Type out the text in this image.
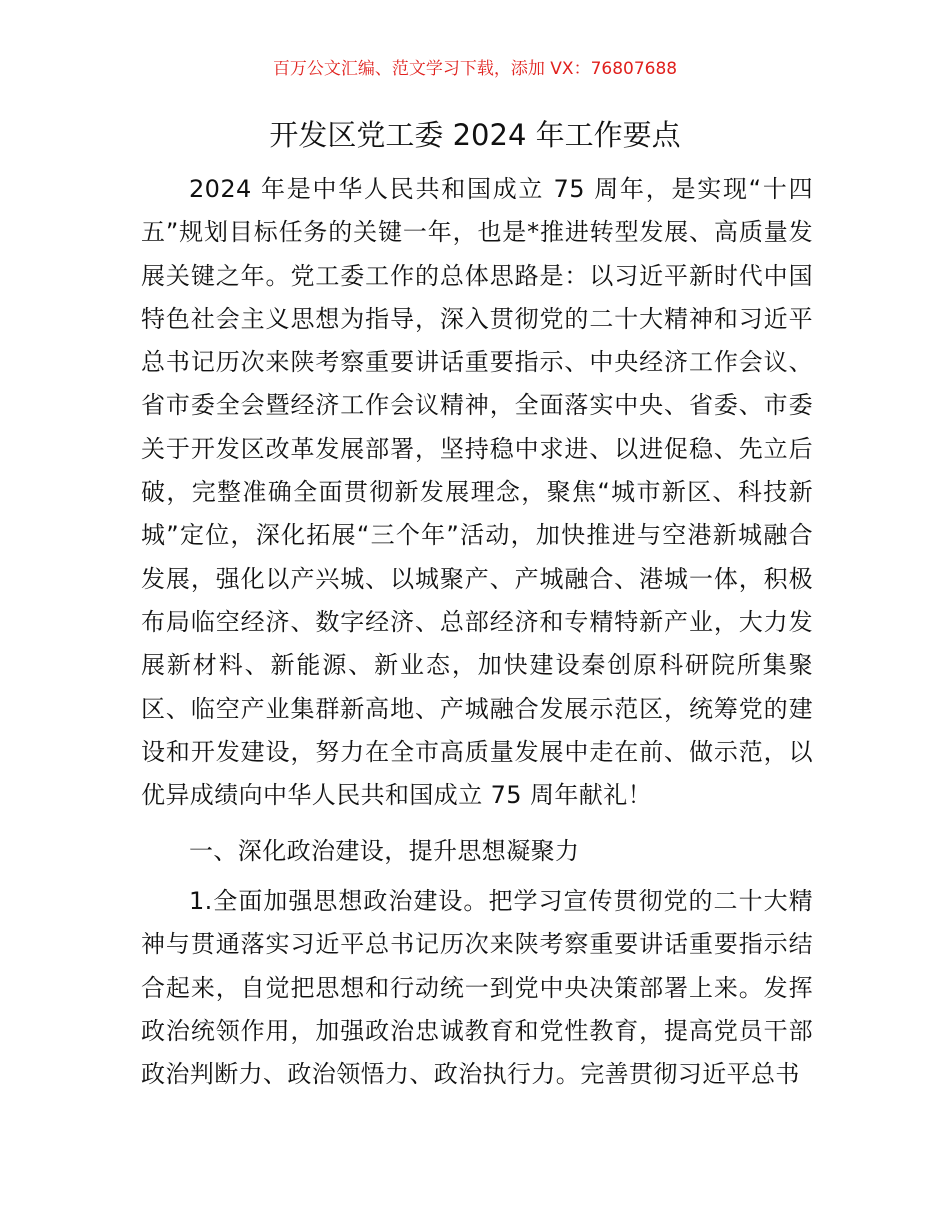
百万公文汇编、范文学习下载，添加 VX：76807688
开发区党工委 2024 年工作要点

2024 年是中华人民共和国成立 75 周年，是实现“十四五”规划目标任务的关键一年，也是*推进转型发展、高质量发展关键之年。党工委工作的总体思路是：以习近平新时代中国特色社会主义思想为指导，深入贯彻党的二十大精神和习近平总书记历次来陕考察重要讲话重要指示、中央经济工作会议、省市委全会暨经济工作会议精神，全面落实中央、省委、市委关于开发区改革发展部署，坚持稳中求进、以进促稳、先立后破，完整准确全面贯彻新发展理念，聚焦“城市新区、科技新城”定位，深化拓展“三个年”活动，加快推进与空港新城融合发展，强化以产兴城、以城聚产、产城融合、港城一体，积极布局临空经济、数字经济、总部经济和专精特新产业，大力发展新材料、新能源、新业态，加快建设秦创原科研院所集聚区、临空产业集群新高地、产城融合发展示范区，统筹党的建设和开发建设，努力在全市高质量发展中走在前、做示范，以优异成绩向中华人民共和国成立 75 周年献礼！

一、深化政治建设，提升思想凝聚力

1.全面加强思想政治建设。把学习宣传贯彻党的二十大精神与贯通落实习近平总书记历次来陕考察重要讲话重要指示结合起来，自觉把思想和行动统一到党中央决策部署上来。发挥政治统领作用，加强政治忠诚教育和党性教育，提高党员干部政治判断力、政治领悟力、政治执行力。完善贯彻习近平总书
